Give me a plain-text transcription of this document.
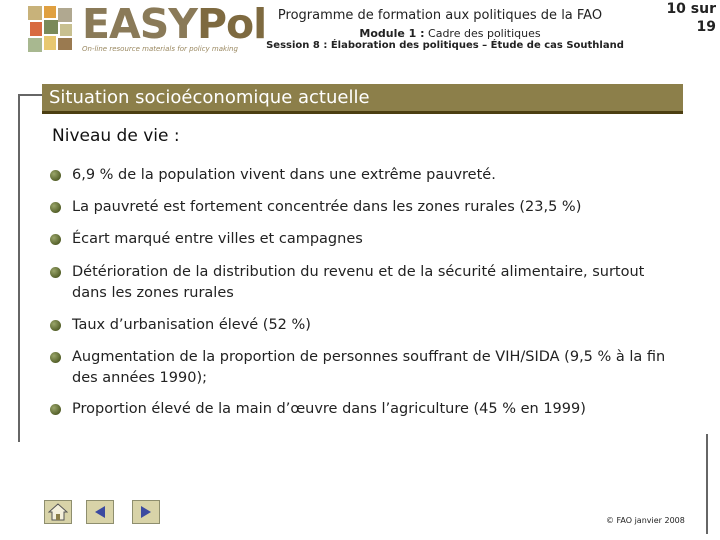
EASYPol
On-line resource materials for policy making
Programme de formation aux politiques de la FAO
Module 1 : Cadre des politiques
Session 8 : Élaboration des politiques – Étude de cas Southland
10 sur
19
Situation socioéconomique actuelle
Niveau de vie :
6,9 % de la population vivent dans une extrême pauvreté.
La pauvreté est fortement concentrée dans les zones rurales (23,5 %)
Écart marqué entre villes et campagnes
Détérioration de la distribution du revenu et de la sécurité alimentaire, surtout dans les zones rurales
Taux d’urbanisation élevé (52 %)
Augmentation de la proportion de personnes souffrant de VIH/SIDA (9,5 % à la fin des années 1990);
Proportion élevé de la main d’œuvre dans l’agriculture (45 % en 1999)
© FAO janvier 2008
